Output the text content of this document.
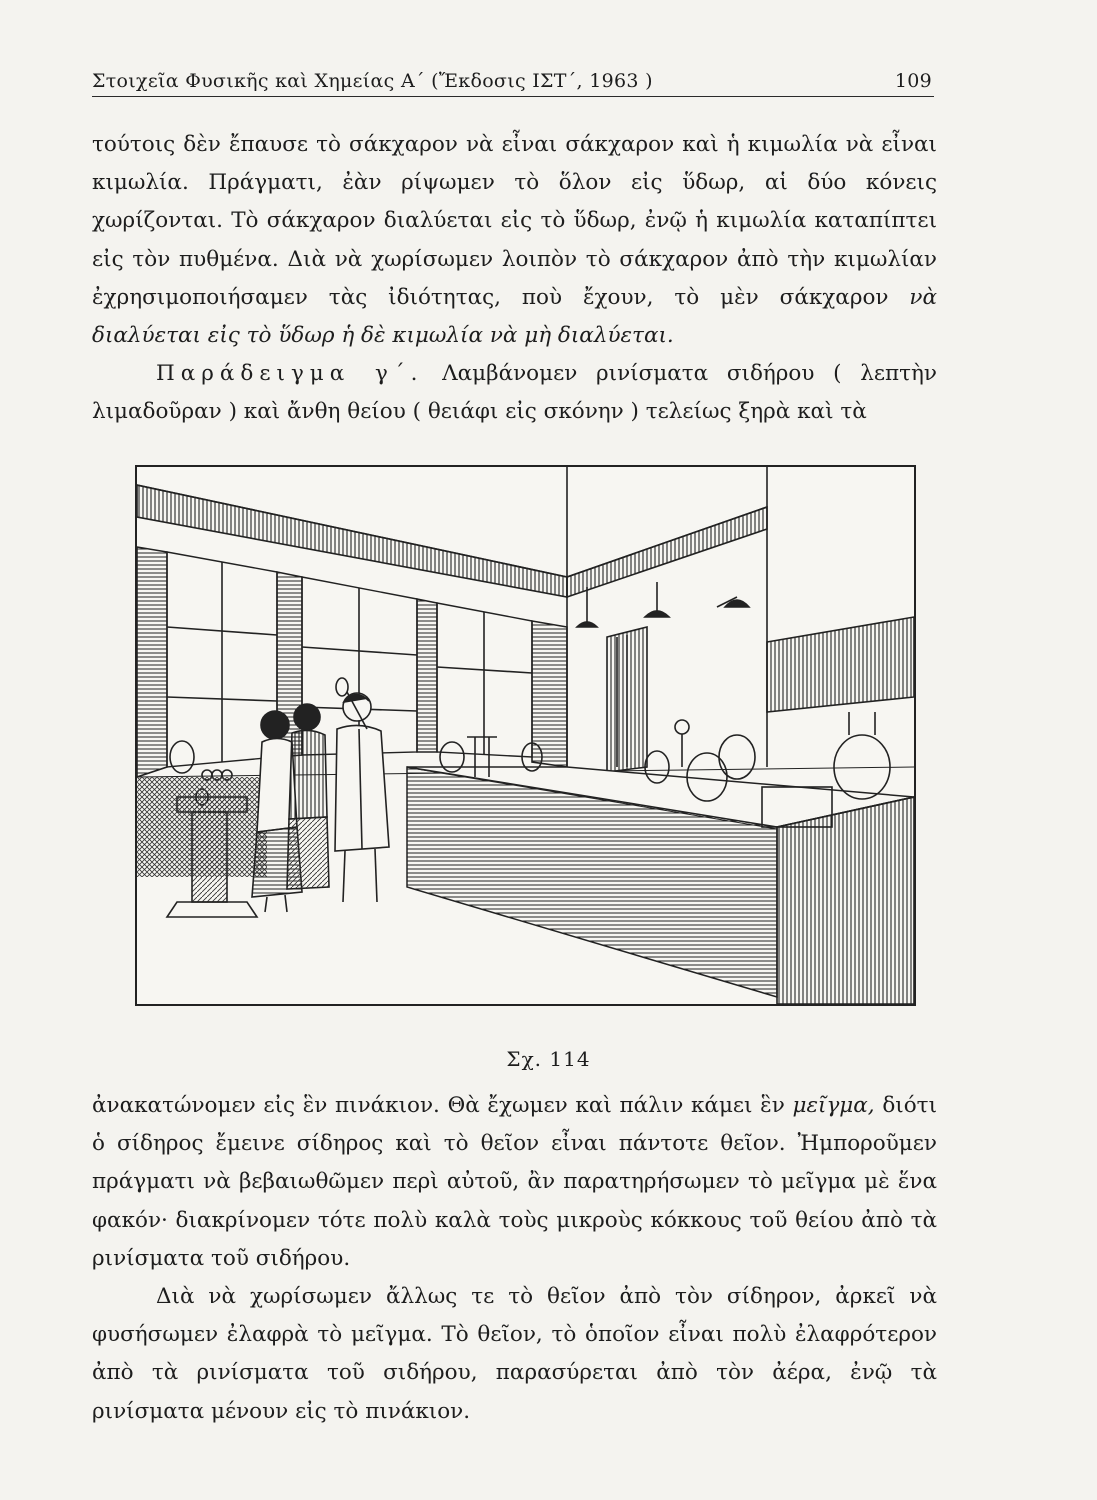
Στοιχεῖα Φυσικῆς καὶ Χημείας Α΄ (Ἔκδοσις ΙΣΤ΄, 1963 )	109

τούτοις δὲν ἔπαυσε τὸ σάκχαρον νὰ εἶναι σάκχαρον καὶ ἡ κιμωλία νὰ εἶναι κιμωλία. Πράγματι, ἐὰν ρίψωμεν τὸ ὅλον εἰς ὕδωρ, αἱ δύο κόνεις χωρίζονται. Τὸ σάκχαρον διαλύεται εἰς τὸ ὕδωρ, ἐνῷ ἡ κιμωλία καταπίπτει εἰς τὸν πυθμένα. Διὰ νὰ χωρίσωμεν λοιπὸν τὸ σάκχαρον ἀπὸ τὴν κιμωλίαν ἐχρησιμοποιήσαμεν τὰς ἰδιότητας, ποὺ ἔχουν, τὸ μὲν σάκχαρον νὰ διαλύεται εἰς τὸ ὕδωρ ἡ δὲ κιμωλία νὰ μὴ διαλύεται.

Παράδειγμα γ΄. Λαμβάνομεν ρινίσματα σιδήρου ( λεπτὴν λιμαδοῦραν ) καὶ ἄνθη θείου ( θειάφι εἰς σκόνην ) τελείως ξηρὰ καὶ τὰ

Σχ. 114

ἀνακατώνομεν εἰς ἓν πινάκιον. Θὰ ἔχωμεν καὶ πάλιν κάμει ἓν μεῖγμα, διότι ὁ σίδηρος ἔμεινε σίδηρος καὶ τὸ θεῖον εἶναι πάντοτε θεῖον. Ἠμποροῦμεν πράγματι νὰ βεβαιωθῶμεν περὶ αὐτοῦ, ἂν παρατηρήσωμεν τὸ μεῖγμα μὲ ἕνα φακόν· διακρίνομεν τότε πολὺ καλὰ τοὺς μικροὺς κόκκους τοῦ θείου ἀπὸ τὰ ρινίσματα τοῦ σιδήρου.

Διὰ νὰ χωρίσωμεν ἄλλως τε τὸ θεῖον ἀπὸ τὸν σίδηρον, ἀρκεῖ νὰ φυσήσωμεν ἐλαφρὰ τὸ μεῖγμα. Τὸ θεῖον, τὸ ὁποῖον εἶναι πολὺ ἐλαφρότερον ἀπὸ τὰ ρινίσματα τοῦ σιδήρου, παρασύρεται ἀπὸ τὸν ἀέρα, ἐνῷ τὰ ρινίσματα μένουν εἰς τὸ πινάκιον.
